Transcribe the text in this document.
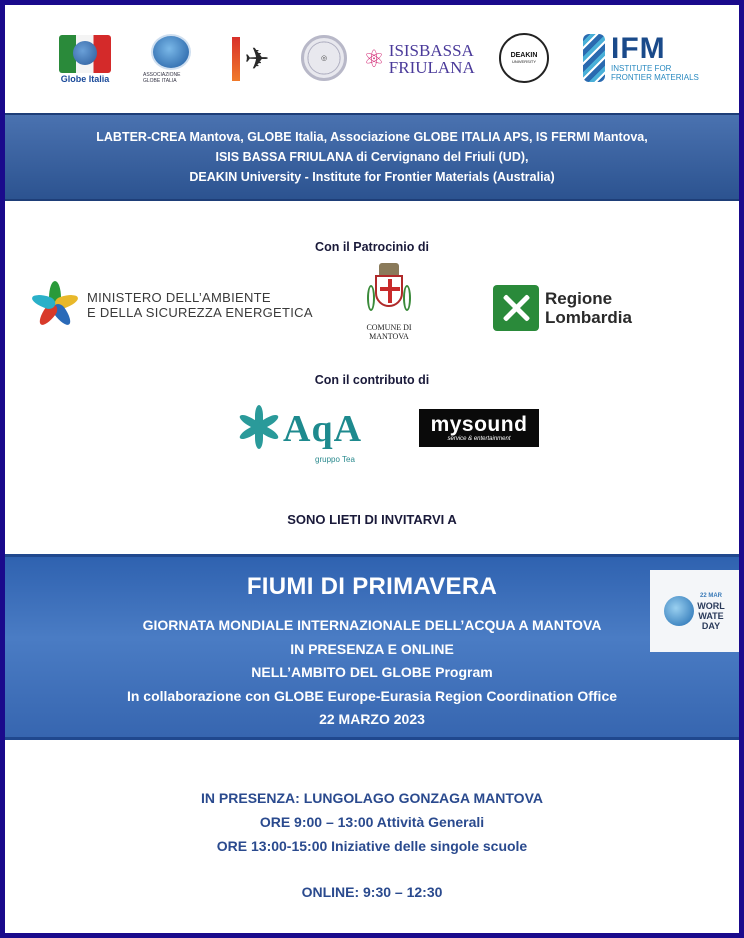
Globe Italia	ASSOCIAZIONE GLOBE ITALIA
✈	◎ ⚛ ISISBASSA
FRIULANA
DEAKIN
UNIVERSITY	IFM
INSTITUTE FOR
FRONTIER MATERIALS
LABTER-CREA Mantova, GLOBE Italia, Associazione GLOBE ITALIA APS, IS FERMI Mantova,
ISIS BASSA FRIULANA di Cervignano del Friuli (UD),
DEAKIN University - Institute for Frontier Materials (Australia)
Con il Patrocinio di
MINISTERO DELL’AMBIENTE
E DELLA SICUREZZA ENERGETICA
COMUNE DI
MANTOVA
Regione
Lombardia
Con il contributo di
AqA
gruppo Tea
mysound
service & entertainment
SONO LIETI DI INVITARVI A
FIUMI DI PRIMAVERA
GIORNATA MONDIALE INTERNAZIONALE DELL’ACQUA A MANTOVA
IN PRESENZA E ONLINE
NELL’AMBITO DEL GLOBE Program
In collaborazione con GLOBE Europe-Eurasia Region Coordination Office
22 MARZO 2023
22 MAR
WORL
WATE
DAY
IN PRESENZA: LUNGOLAGO GONZAGA MANTOVA
ORE 9:00 – 13:00 Attività Generali
ORE 13:00-15:00 Iniziative delle singole scuole
ONLINE: 9:30 – 12:30
